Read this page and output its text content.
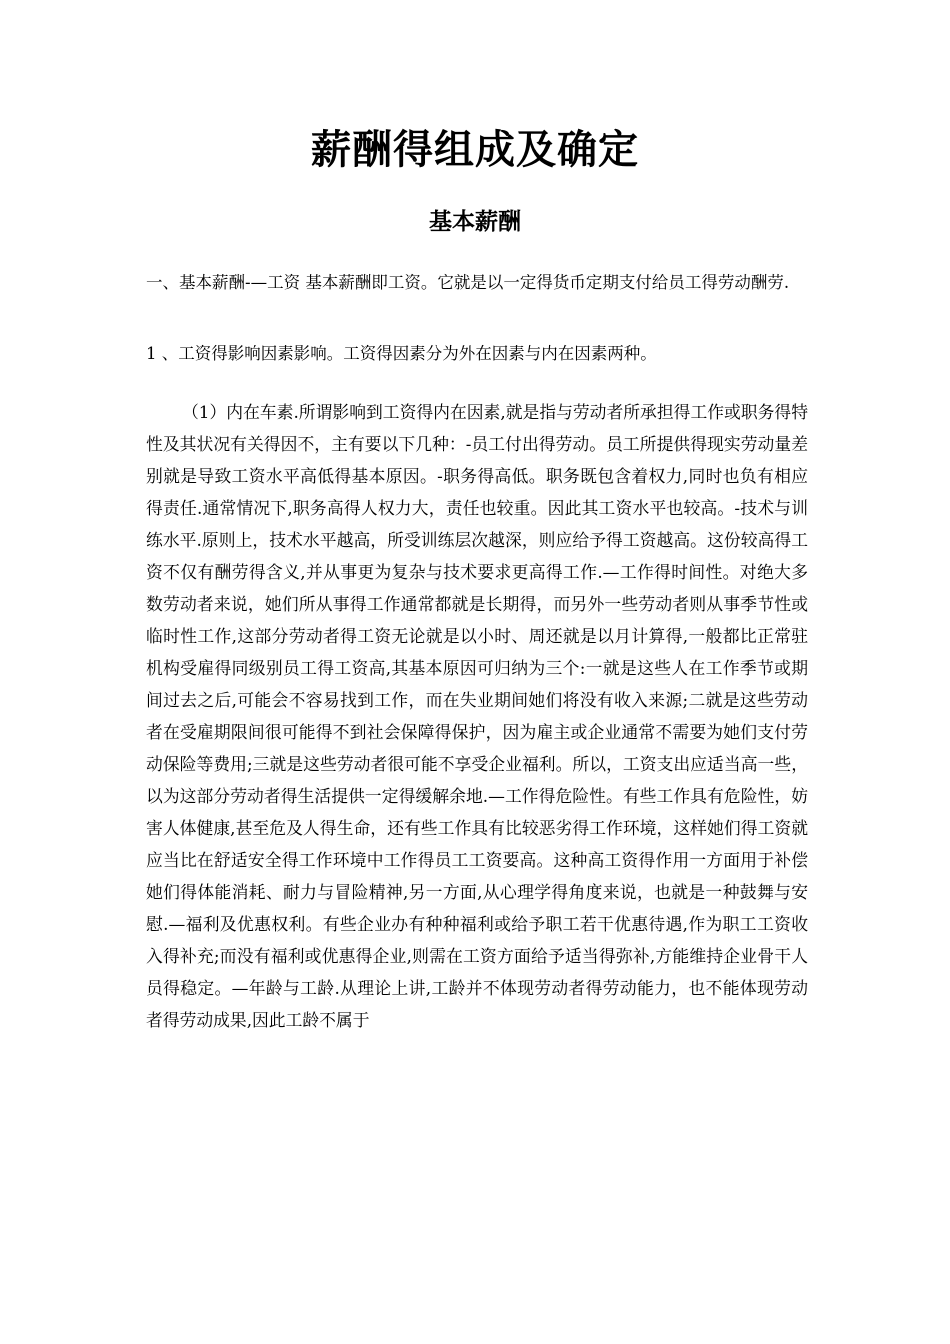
薪酬得组成及确定
基本薪酬

一、基本薪酬-—工资 基本薪酬即工资。它就是以一定得货币定期支付给员工得劳动酬劳.

1 、工资得影响因素影响。工资得因素分为外在因素与内在因素两种。

（1）内在车素.所谓影响到工资得内在因素,就是指与劳动者所承担得工作或职务得特性及其状况有关得因不，主有要以下几种：-员工付出得劳动。员工所提供得现实劳动量差别就是导致工资水平高低得基本原因。-职务得高低。职务既包含着权力,同时也负有相应得责任.通常情况下,职务高得人权力大，责任也较重。因此其工资水平也较高。-技术与训练水平.原则上，技术水平越高，所受训练层次越深，则应给予得工资越高。这份较高得工资不仅有酬劳得含义,并从事更为复杂与技术要求更高得工作.—工作得时间性。对绝大多数劳动者来说，她们所从事得工作通常都就是长期得，而另外一些劳动者则从事季节性或临时性工作,这部分劳动者得工资无论就是以小时、周还就是以月计算得,一般都比正常驻机构受雇得同级别员工得工资高,其基本原因可归纳为三个:一就是这些人在工作季节或期间过去之后,可能会不容易找到工作，而在失业期间她们将没有收入来源;二就是这些劳动者在受雇期限间很可能得不到社会保障得保护，因为雇主或企业通常不需要为她们支付劳动保险等费用;三就是这些劳动者很可能不享受企业福利。所以，工资支出应适当高一些，以为这部分劳动者得生活提供一定得缓解余地.—工作得危险性。有些工作具有危险性，妨害人体健康,甚至危及人得生命，还有些工作具有比较恶劣得工作环境，这样她们得工资就应当比在舒适安全得工作环境中工作得员工工资要高。这种高工资得作用一方面用于补偿她们得体能消耗、耐力与冒险精神,另一方面,从心理学得角度来说，也就是一种鼓舞与安慰.—福利及优惠权利。有些企业办有种种福利或给予职工若干优惠待遇,作为职工工资收入得补充;而没有福利或优惠得企业,则需在工资方面给予适当得弥补,方能维持企业骨干人员得稳定。—年龄与工龄.从理论上讲,工龄并不体现劳动者得劳动能力，也不能体现劳动者得劳动成果,因此工龄不属于
